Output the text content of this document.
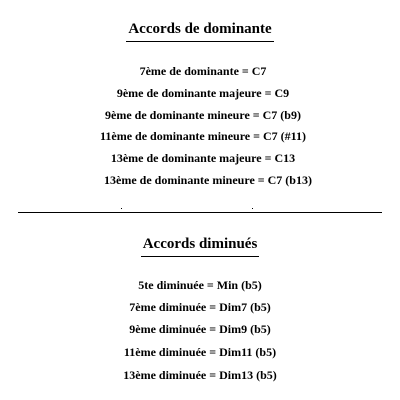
Accords de dominante
7ème de dominante = C7
9ème de dominante majeure = C9
9ème de dominante mineure = C7 (b9)
11ème de dominante mineure = C7 (#11)
13ème de dominante majeure = C13
13ème de dominante mineure = C7 (b13)
Accords diminués
5te diminuée = Min (b5)
7ème diminuée = Dim7 (b5)
9ème diminuée = Dim9 (b5)
11ème diminuée = Dim11 (b5)
13ème diminuée = Dim13 (b5)
